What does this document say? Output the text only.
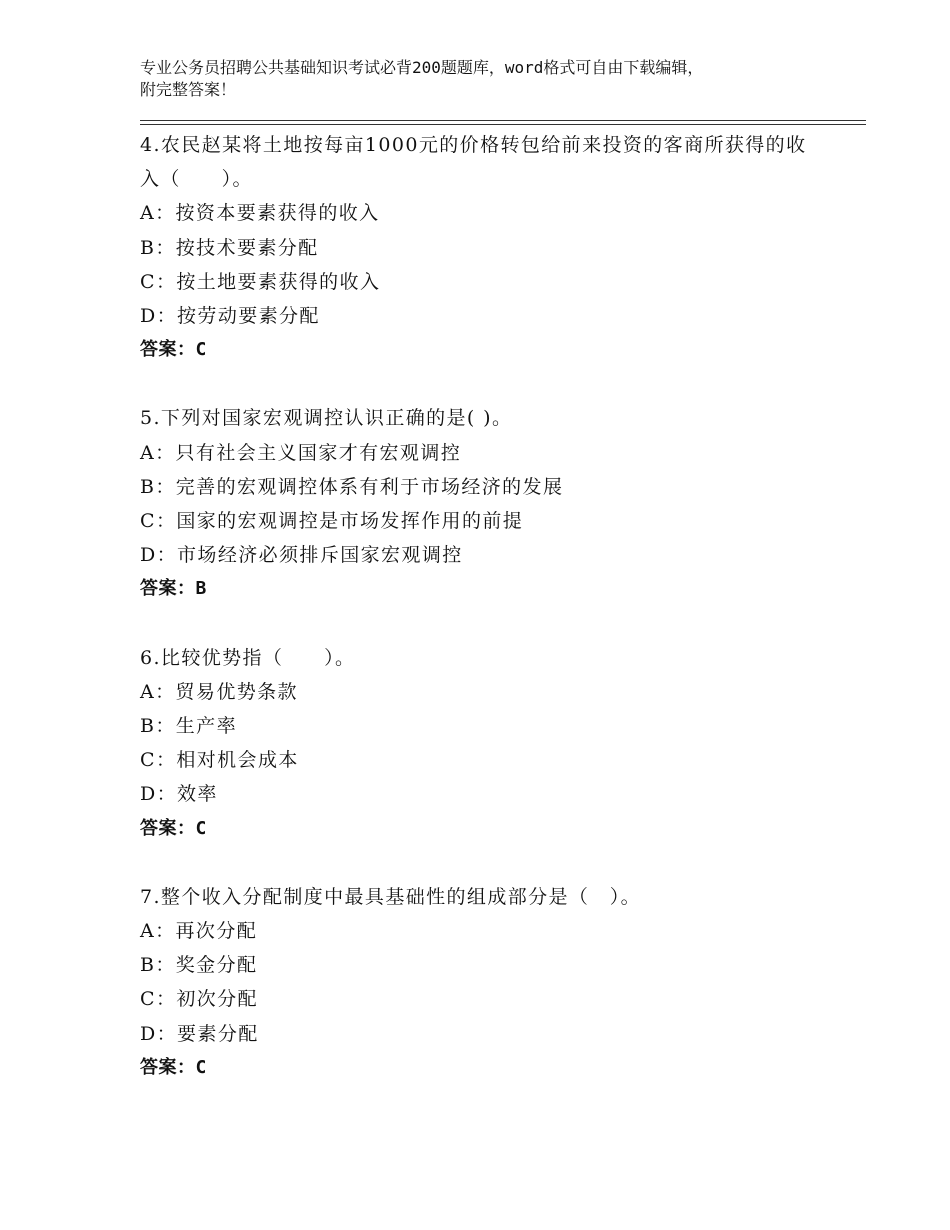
专业公务员招聘公共基础知识考试必背200题题库，word格式可自由下载编辑，
附完整答案！
4.农民赵某将土地按每亩1000元的价格转包给前来投资的客商所获得的收入（　　）。
A：按资本要素获得的收入
B：按技术要素分配
C：按土地要素获得的收入
D：按劳动要素分配
答案：C
5.下列对国家宏观调控认识正确的是( )。
A：只有社会主义国家才有宏观调控
B：完善的宏观调控体系有利于市场经济的发展
C：国家的宏观调控是市场发挥作用的前提
D：市场经济必须排斥国家宏观调控
答案：B
6.比较优势指（　　）。
A：贸易优势条款
B：生产率
C：相对机会成本
D：效率
答案：C
7.整个收入分配制度中最具基础性的组成部分是（　）。
A：再次分配
B：奖金分配
C：初次分配
D：要素分配
答案：C
